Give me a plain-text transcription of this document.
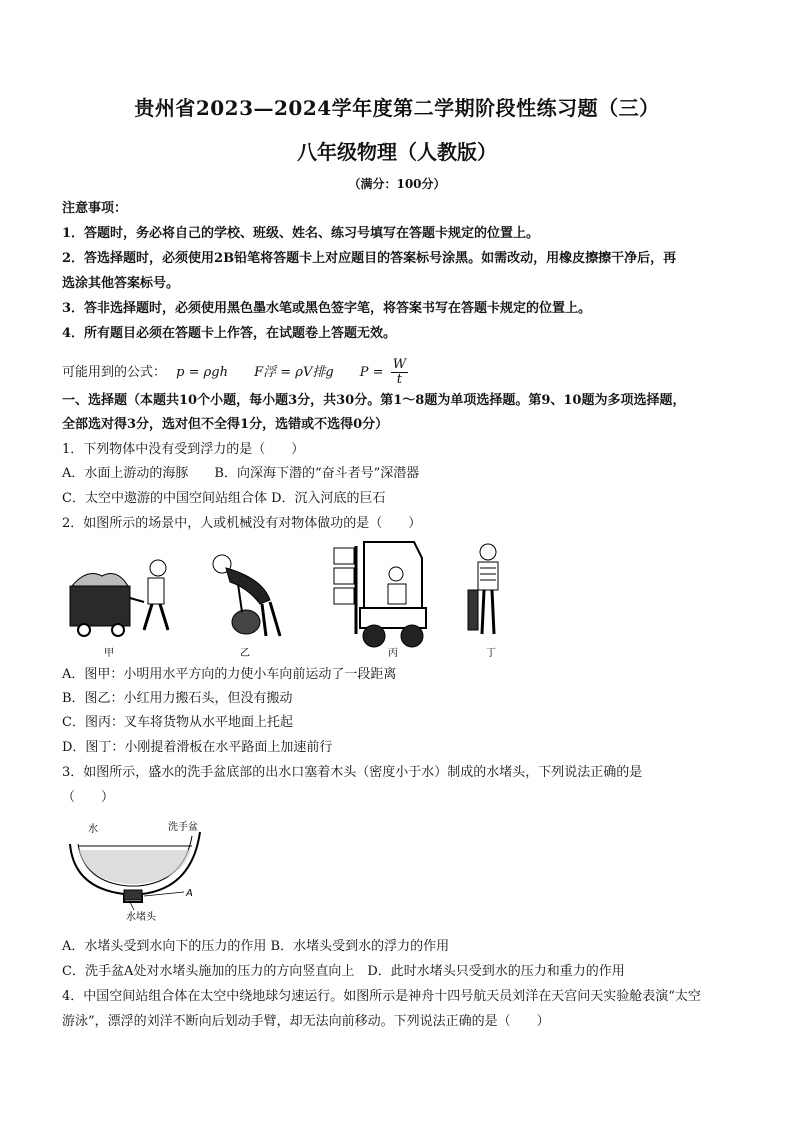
贵州省2023—2024学年度第二学期阶段性练习题（三）
八年级物理（人教版）
（满分：100分）
注意事项：
1．答题时，务必将自己的学校、班级、姓名、练习号填写在答题卡规定的位置上。
2．答选择题时，必须使用2B铅笔将答题卡上对应题目的答案标号涂黑。如需改动，用橡皮擦擦干净后，再
选涂其他答案标号。
3．答非选择题时，必须使用黑色墨水笔或黑色签字笔，将答案书写在答题卡规定的位置上。
4．所有题目必须在答题卡上作答，在试题卷上答题无效。
可能用到的公式： p = ρgh F浮 = ρV排g $P = \frac{W}{t}$
一、选择题（本题共10个小题，每小题3分，共30分。第1～8题为单项选择题。第9、10题为多项选择题，
全部选对得3分，选对但不全得1分，选错或不选得0分）
1．下列物体中没有受到浮力的是（　　）
A．水面上游动的海豚　　B．向深海下潜的“奋斗者号”深潜器
C．太空中遨游的中国空间站组合体 D．沉入河底的巨石
2．如图所示的场景中，人或机械没有对物体做功的是（　　）
甲	乙	丙	丁
A．图甲：小明用水平方向的力使小车向前运动了一段距离
B．图乙：小红用力搬石头，但没有搬动
C．图丙：叉车将货物从水平地面上托起
D．图丁：小刚提着滑板在水平路面上加速前行
3．如图所示，盛水的洗手盆底部的出水口塞着木头（密度小于水）制成的水堵头，下列说法正确的是
（　　）
水	洗手盆
A
水堵头
A．水堵头受到水向下的压力的作用 B．水堵头受到水的浮力的作用
C．洗手盆A处对水堵头施加的压力的方向竖直向上　D．此时水堵头只受到水的压力和重力的作用
4．中国空间站组合体在太空中绕地球匀速运行。如图所示是神舟十四号航天员刘洋在天宫问天实验舱表演“太空
游泳”，漂浮的刘洋不断向后划动手臂，却无法向前移动。下列说法正确的是（　　）
